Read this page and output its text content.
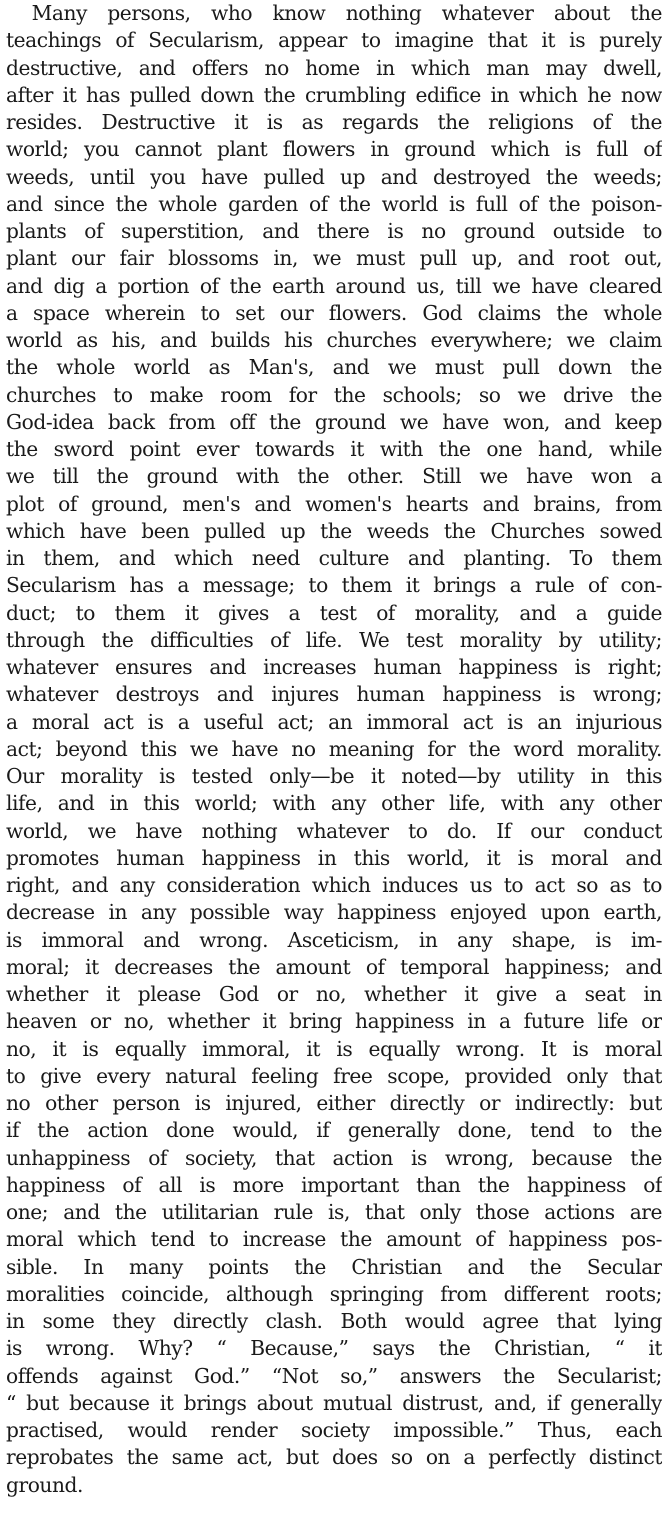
Many persons, who know nothing whatever about the
teachings of Secularism, appear to imagine that it is purely
destructive, and offers no home in which man may dwell,
after it has pulled down the crumbling edifice in which he now
resides. Destructive it is as regards the religions of the
world; you cannot plant flowers in ground which is full of
weeds, until you have pulled up and destroyed the weeds;
and since the whole garden of the world is full of the poison-
plants of superstition, and there is no ground outside to
plant our fair blossoms in, we must pull up, and root out,
and dig a portion of the earth around us, till we have cleared
a space wherein to set our flowers. God claims the whole
world as his, and builds his churches everywhere; we claim
the whole world as Man's, and we must pull down the
churches to make room for the schools; so we drive the
God-idea back from off the ground we have won, and keep
the sword point ever towards it with the one hand, while
we till the ground with the other. Still we have won a
plot of ground, men's and women's hearts and brains, from
which have been pulled up the weeds the Churches sowed
in them, and which need culture and planting. To them
Secularism has a message; to them it brings a rule of con-
duct; to them it gives a test of morality, and a guide
through the difficulties of life. We test morality by utility;
whatever ensures and increases human happiness is right;
whatever destroys and injures human happiness is wrong;
a moral act is a useful act; an immoral act is an injurious
act; beyond this we have no meaning for the word morality.
Our morality is tested only—be it noted—by utility in this
life, and in this world; with any other life, with any other
world, we have nothing whatever to do. If our conduct
promotes human happiness in this world, it is moral and
right, and any consideration which induces us to act so as to
decrease in any possible way happiness enjoyed upon earth,
is immoral and wrong. Asceticism, in any shape, is im-
moral; it decreases the amount of temporal happiness; and
whether it please God or no, whether it give a seat in
heaven or no, whether it bring happiness in a future life or
no, it is equally immoral, it is equally wrong. It is moral
to give every natural feeling free scope, provided only that
no other person is injured, either directly or indirectly: but
if the action done would, if generally done, tend to the
unhappiness of society, that action is wrong, because the
happiness of all is more important than the happiness of
one; and the utilitarian rule is, that only those actions are
moral which tend to increase the amount of happiness pos-
sible. In many points the Christian and the Secular
moralities coincide, although springing from different roots;
in some they directly clash. Both would agree that lying
is wrong. Why? “ Because,” says the Christian, “ it
offends against God.” “Not so,” answers the Secularist;
“ but because it brings about mutual distrust, and, if generally
practised, would render society impossible.” Thus, each
reprobates the same act, but does so on a perfectly distinct
ground.
